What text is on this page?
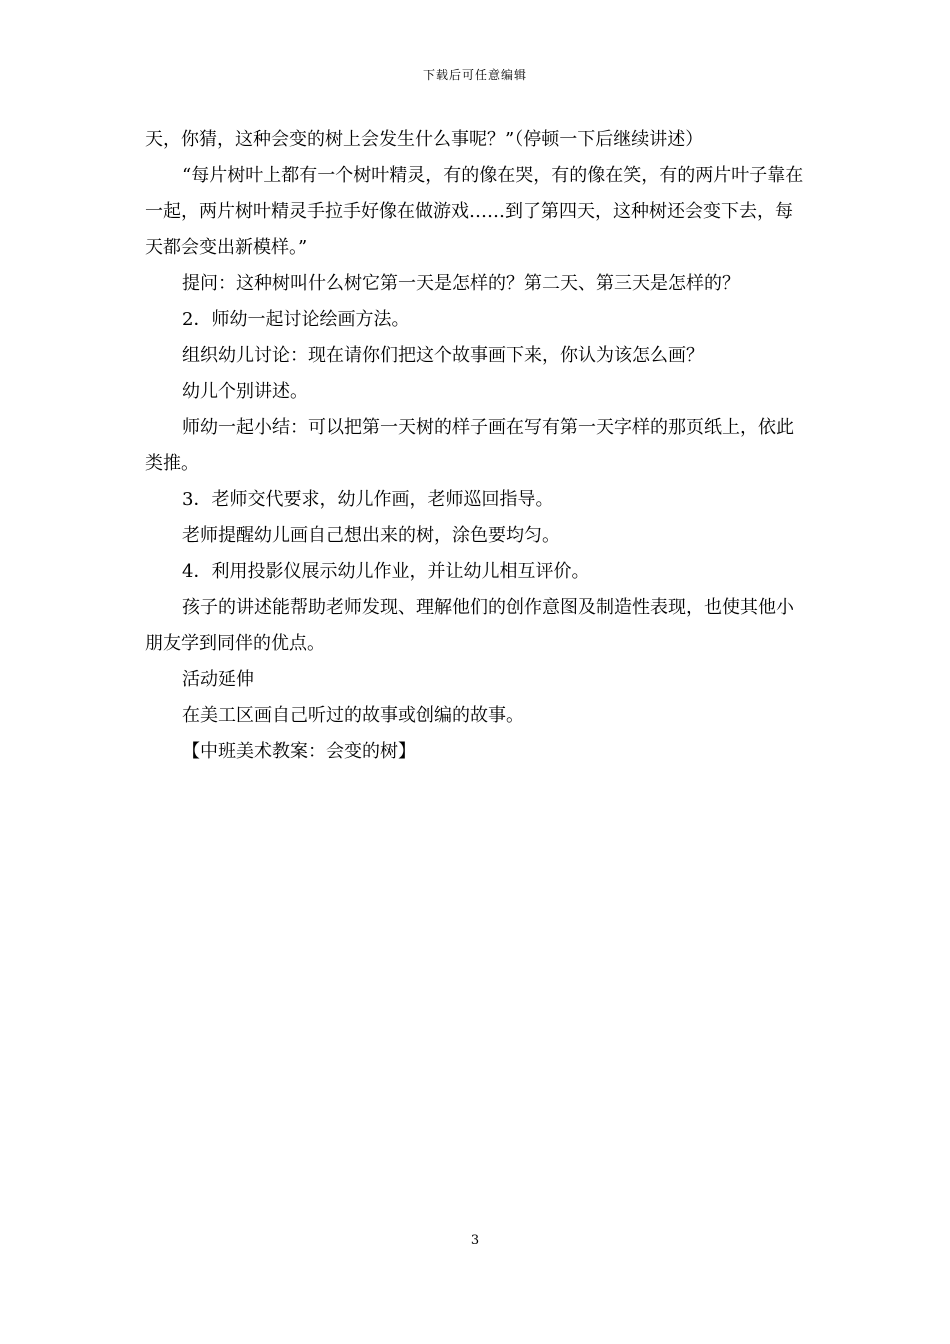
下载后可任意编辑

天，你猜，这种会变的树上会发生什么事呢？”（停顿一下后继续讲述）

“每片树叶上都有一个树叶精灵，有的像在哭，有的像在笑，有的两片叶子靠在一起，两片树叶精灵手拉手好像在做游戏……到了第四天，这种树还会变下去，每天都会变出新模样。”

提问：这种树叫什么树它第一天是怎样的？第二天、第三天是怎样的？

2．师幼一起讨论绘画方法。

组织幼儿讨论：现在请你们把这个故事画下来，你认为该怎么画？

幼儿个别讲述。

师幼一起小结：可以把第一天树的样子画在写有第一天字样的那页纸上，依此类推。

3．老师交代要求，幼儿作画，老师巡回指导。

老师提醒幼儿画自己想出来的树，涂色要均匀。

4．利用投影仪展示幼儿作业，并让幼儿相互评价。

孩子的讲述能帮助老师发现、理解他们的创作意图及制造性表现，也使其他小朋友学到同伴的优点。

活动延伸

在美工区画自己听过的故事或创编的故事。

【中班美术教案：会变的树】

3
